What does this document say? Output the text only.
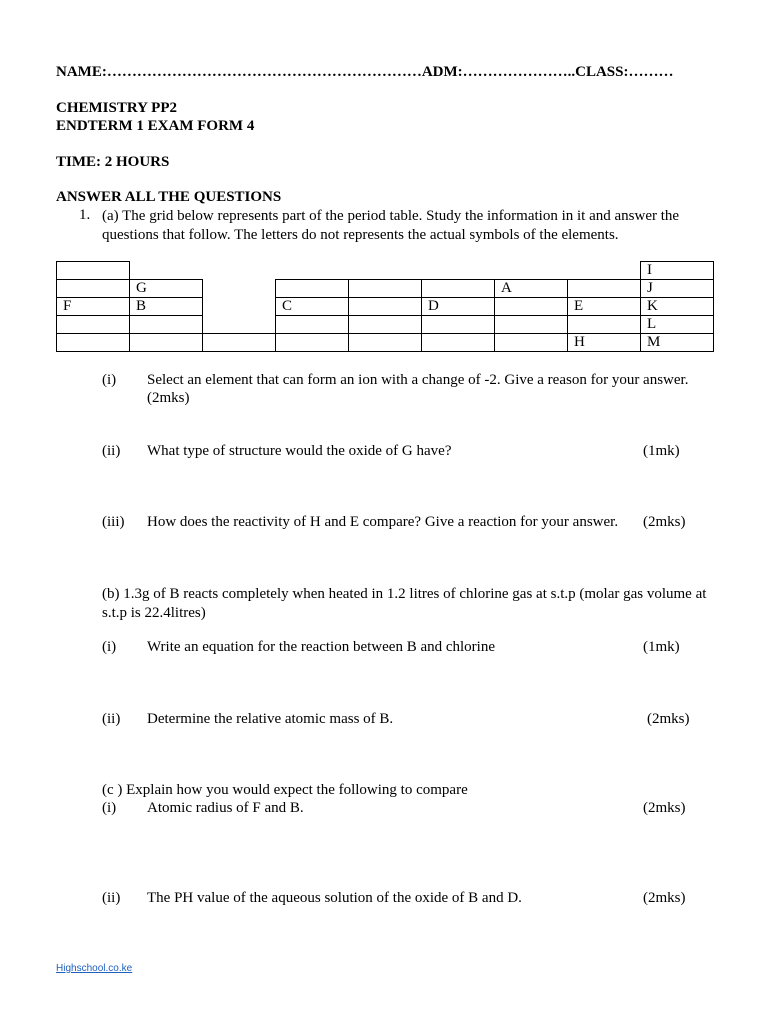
NAME:………………………………………………………ADM:…………………..CLASS:………
CHEMISTRY PP2
ENDTERM 1 EXAM FORM 4
TIME: 2 HOURS
ANSWER ALL THE QUESTIONS
1. (a) The grid below represents part of the period table. Study the information in it and answer the questions that follow. The letters do not represents the actual symbols of the elements.
								I
	G					A		J
F	B		C		D		E	K
								L
							H	M
(i) Select an element that can form an ion with a change of -2. Give a reason for your answer.
(2mks)
(ii) What type of structure would the oxide of G have?	(1mk)
(iii) How does the reactivity of H and E compare? Give a reaction for your answer. (2mks)
(b) 1.3g of B reacts completely when heated in 1.2 litres of chlorine gas at s.t.p (molar gas volume at s.t.p is 22.4litres)
(i) Write an equation for the reaction between B and chlorine	(1mk)
(ii) Determine the relative atomic mass of B.	(2mks)
(c ) Explain how you would expect the following to compare
(i) Atomic radius of F and B.	(2mks)
(ii) The PH value of the aqueous solution of the oxide of B and D.	(2mks)
Highschool.co.ke
